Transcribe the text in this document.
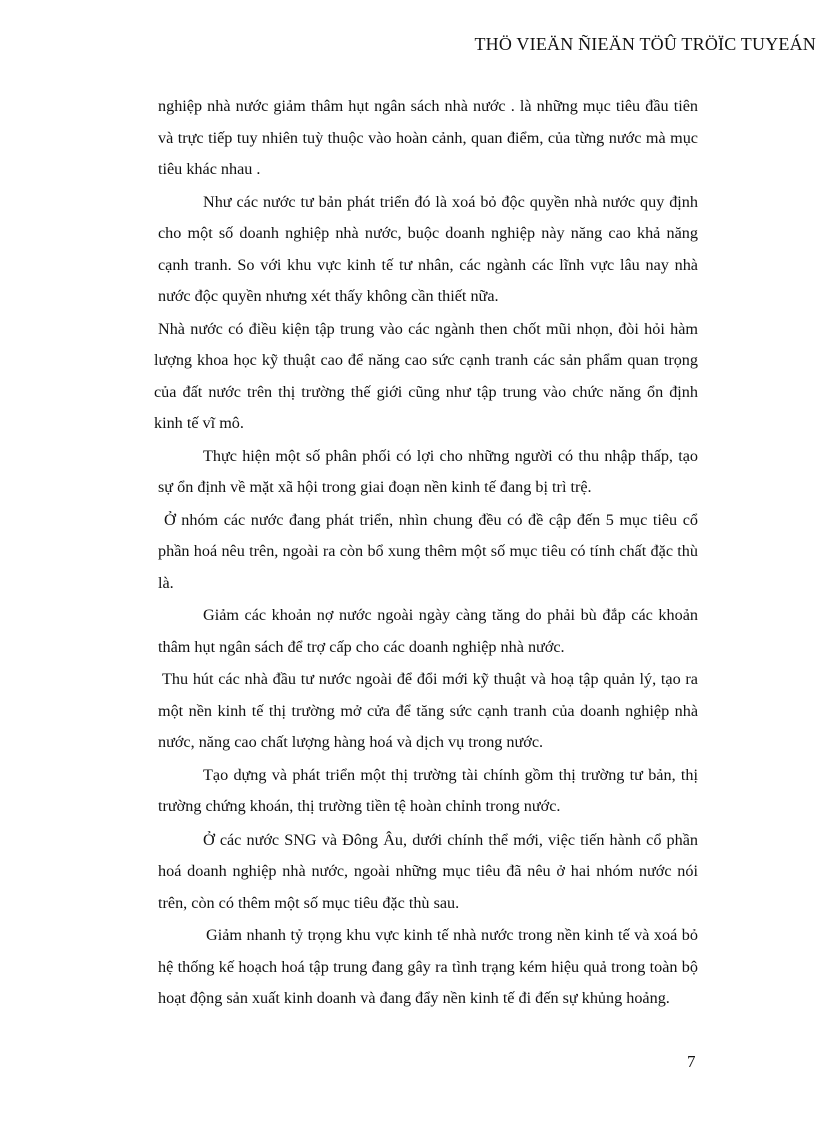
THÖ VIEÄN ÑIEÄN TÖÛ TRÖÏC TUYEÁN

nghiệp nhà nước giảm thâm hụt ngân sách nhà nước . là những mục tiêu đầu tiên và trực tiếp tuy nhiên tuỳ thuộc vào hoàn cảnh, quan điểm, của từng nước mà mục tiêu khác nhau .

Như các nước tư bản phát triển đó là xoá bỏ độc quyền nhà nước quy định cho một số doanh nghiệp nhà nước, buộc doanh nghiệp này năng cao khả năng cạnh tranh. So với khu vực kinh tế tư nhân, các ngành các lĩnh vực lâu nay nhà nước độc quyền nhưng xét thấy không cần thiết nữa.

Nhà nước có điều kiện tập trung vào các ngành then chốt mũi nhọn, đòi hỏi hàm lượng khoa học kỹ thuật cao để năng cao sức cạnh tranh các sản phẩm quan trọng của đất nước trên thị trường thế giới cũng như tập trung vào chức năng ổn định kinh tế vĩ mô.

Thực hiện một số phân phối có lợi cho những người có thu nhập thấp, tạo sự ổn định về mặt xã hội trong giai đoạn nền kinh tế đang bị trì trệ.

Ở nhóm các nước đang phát triển, nhìn chung đều có đề cập đến 5 mục tiêu cổ phần hoá nêu trên, ngoài ra còn bổ xung thêm một số mục tiêu có tính chất đặc thù là.

Giảm các khoản nợ nước ngoài ngày càng tăng do phải bù đắp các khoản thâm hụt ngân sách để trợ cấp cho các doanh nghiệp nhà nước.

Thu hút các nhà đầu tư nước ngoài để đổi mới kỹ thuật và hoạ tập quản lý, tạo ra một nền kinh tế thị trường mở cửa để tăng sức cạnh tranh của doanh nghiệp nhà nước, năng cao chất lượng hàng hoá và dịch vụ trong nước.

Tạo dựng và phát triển một thị trường tài chính gồm thị trường tư bản, thị trường chứng khoán, thị trường tiền tệ hoàn chỉnh trong nước.

Ở các nước SNG và Đông Âu, dưới chính thể mới, việc tiến hành cổ phần hoá doanh nghiệp nhà nước, ngoài những mục tiêu đã nêu ở hai nhóm nước nói trên, còn có thêm một số mục tiêu đặc thù sau.

Giảm nhanh tỷ trọng khu vực kinh tế nhà nước trong nền kinh tế và xoá bỏ hệ thống kế hoạch hoá tập trung đang gây ra tình trạng kém hiệu quả trong toàn bộ hoạt động sản xuất kinh doanh và đang đẩy nền kinh tế đi đến sự khủng hoảng.

7
